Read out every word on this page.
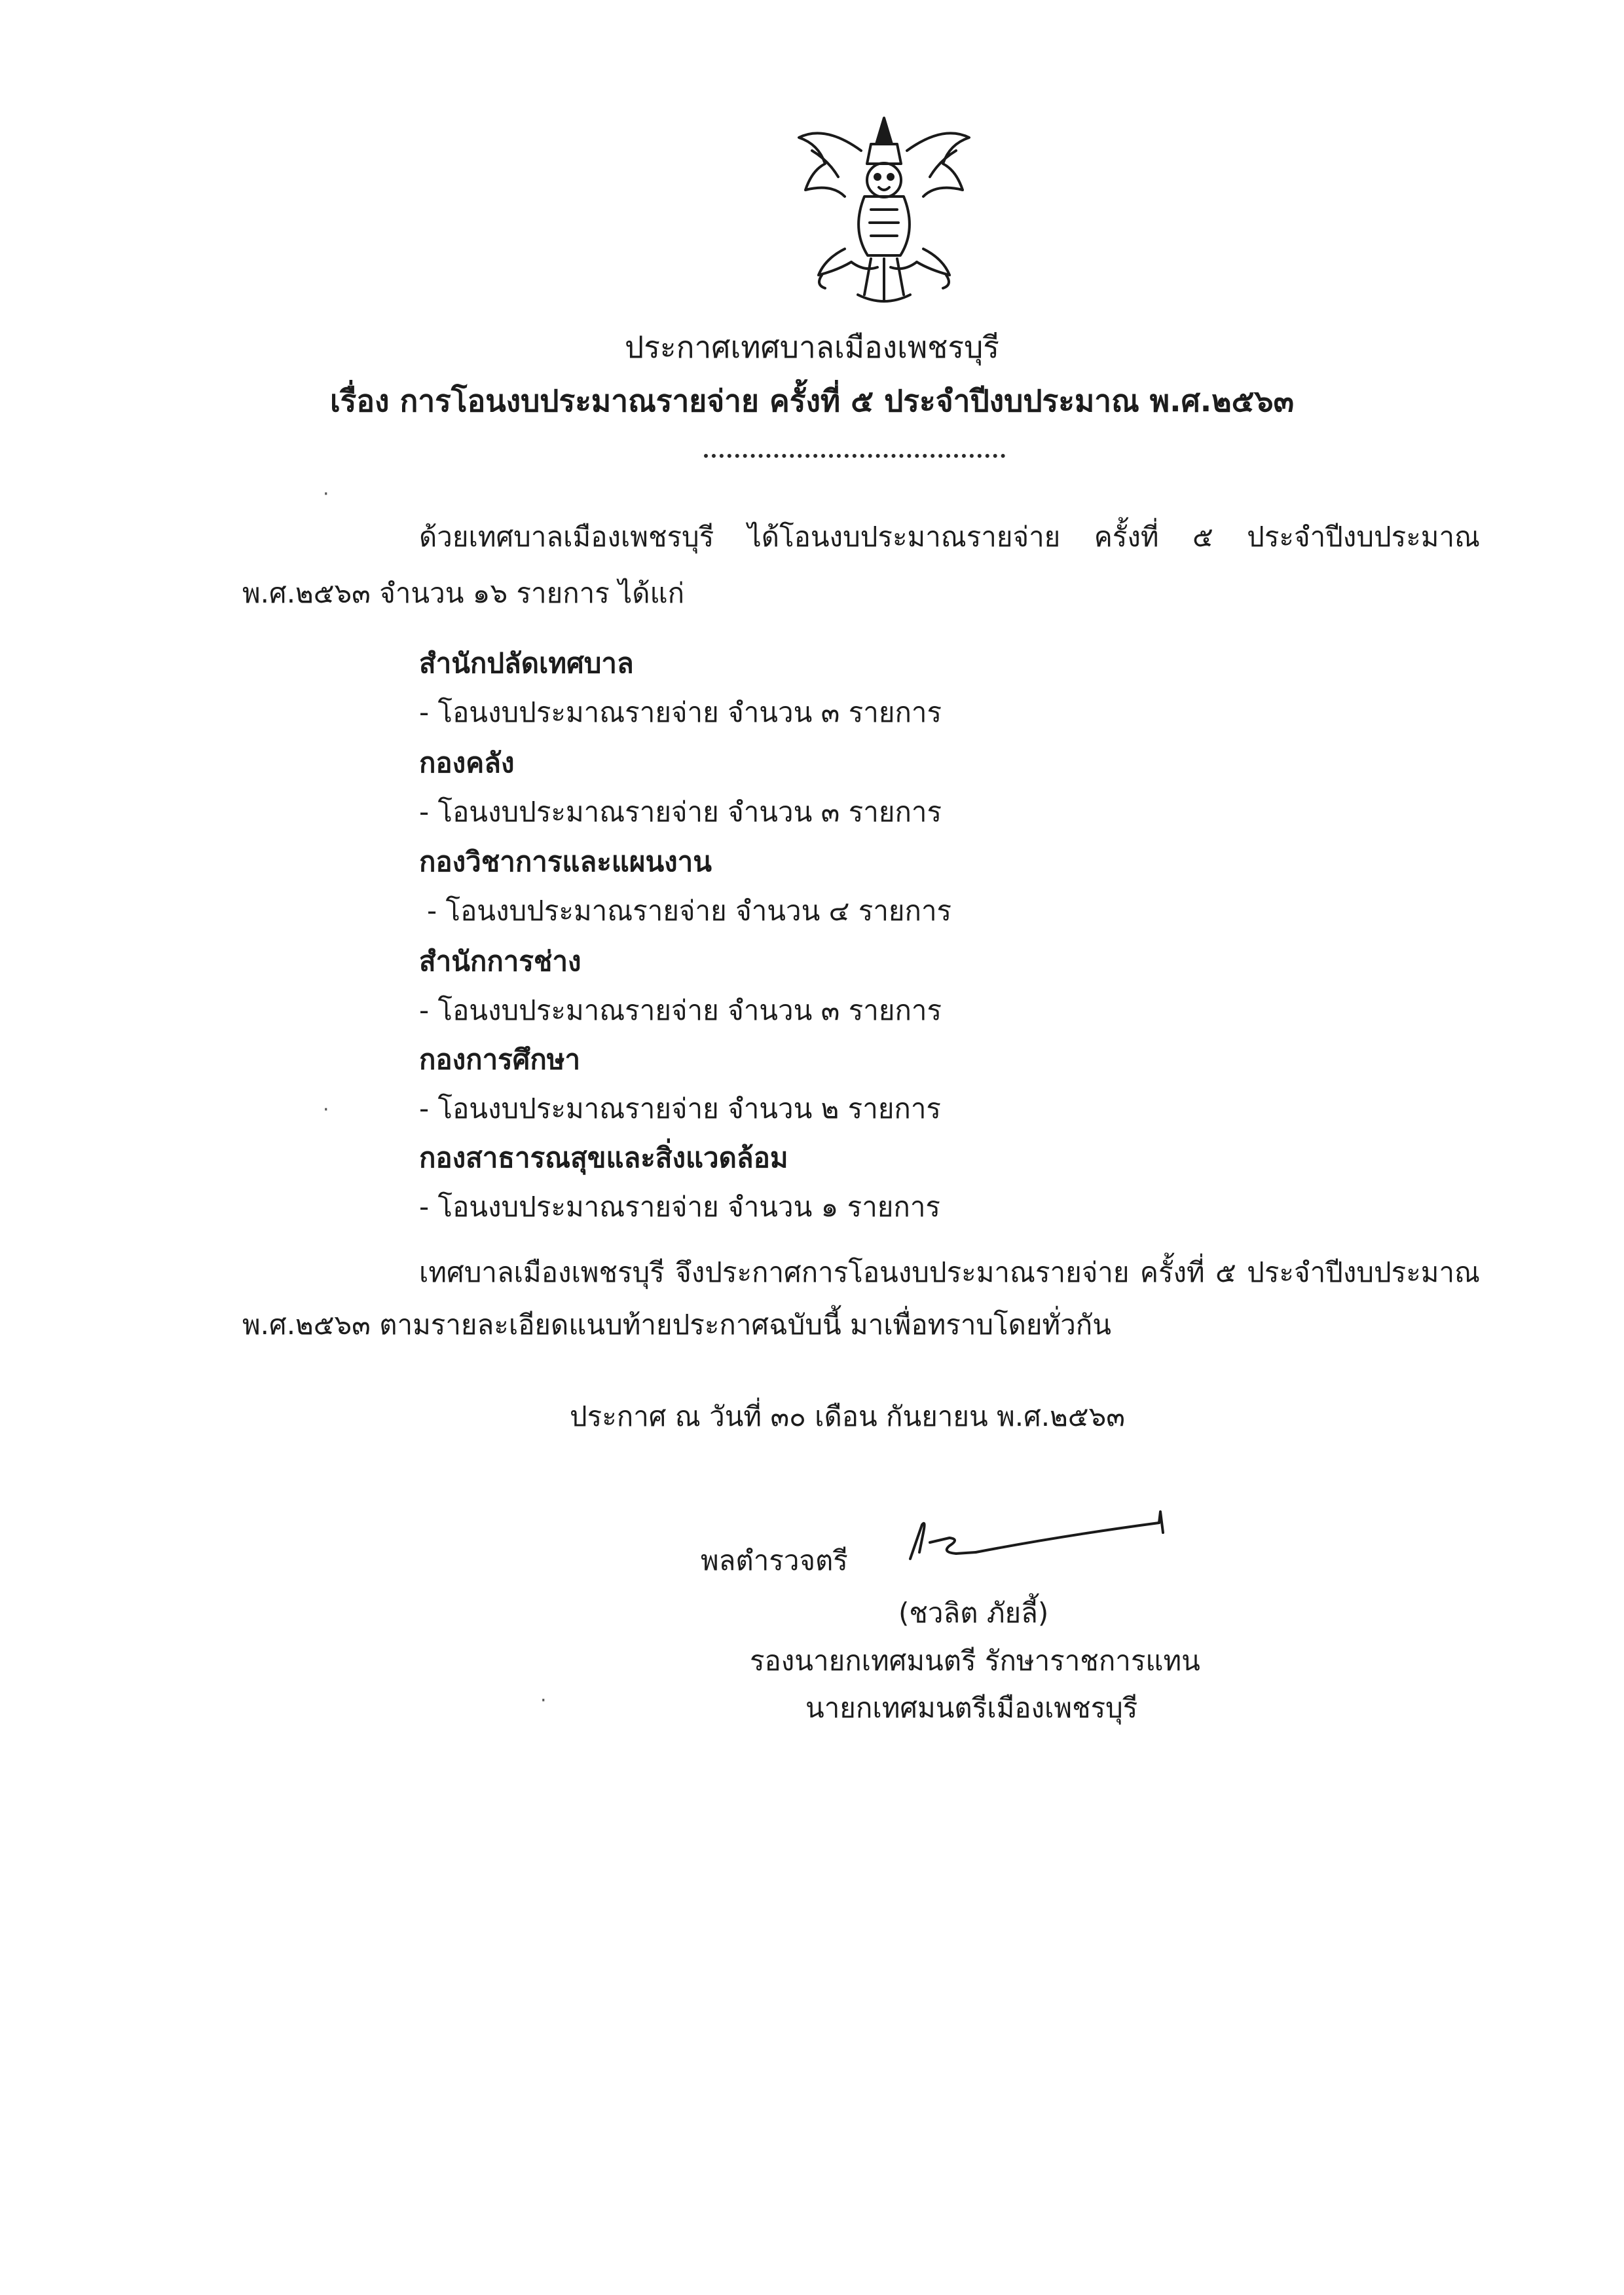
ประกาศเทศบาลเมืองเพชรบุรี
เรื่อง การโอนงบประมาณรายจ่าย ครั้งที่ ๕ ประจำปีงบประมาณ พ.ศ.๒๕๖๓
·
·
·
ด้วยเทศบาลเมืองเพชรบุรี ได้โอนงบประมาณรายจ่าย ครั้งที่ ๕ ประจำปีงบประมาณ
พ.ศ.๒๕๖๓ จำนวน ๑๖ รายการ ได้แก่
สำนักปลัดเทศบาล
- โอนงบประมาณรายจ่าย จำนวน ๓ รายการ
กองคลัง
- โอนงบประมาณรายจ่าย จำนวน ๓ รายการ
กองวิชาการและแผนงาน
- โอนงบประมาณรายจ่าย จำนวน ๔ รายการ
สำนักการช่าง
- โอนงบประมาณรายจ่าย จำนวน ๓ รายการ
กองการศึกษา
- โอนงบประมาณรายจ่าย จำนวน ๒ รายการ
กองสาธารณสุขและสิ่งแวดล้อม
- โอนงบประมาณรายจ่าย จำนวน ๑ รายการ
เทศบาลเมืองเพชรบุรี จึงประกาศการโอนงบประมาณรายจ่าย ครั้งที่ ๕ ประจำปีงบประมาณ
พ.ศ.๒๕๖๓ ตามรายละเอียดแนบท้ายประกาศฉบับนี้ มาเพื่อทราบโดยทั่วกัน
ประกาศ ณ วันที่ ๓๐ เดือน กันยายน พ.ศ.๒๕๖๓
พลตำรวจตรี
(ชวลิต ภัยลี้)
รองนายกเทศมนตรี รักษาราชการแทน
นายกเทศมนตรีเมืองเพชรบุรี
